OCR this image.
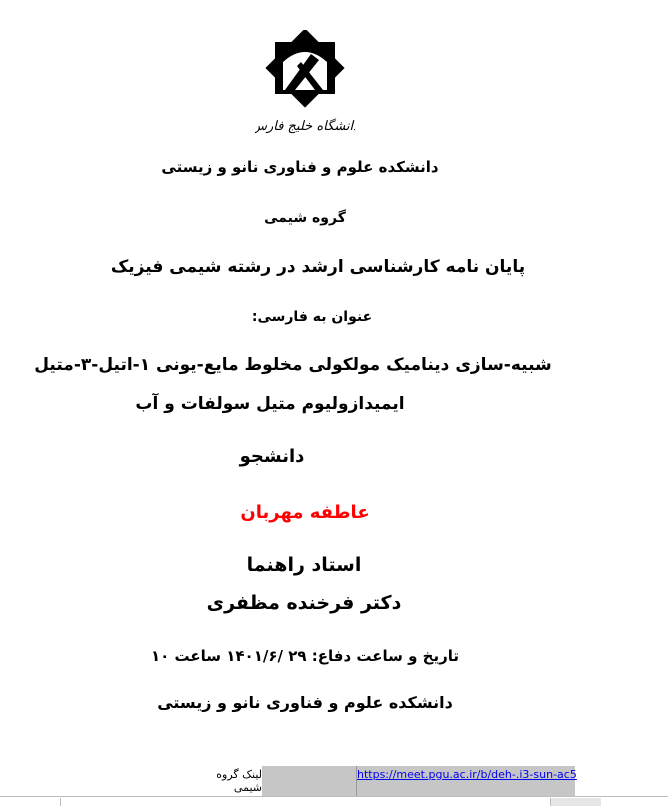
دانشگاه خلیج فارس
دانشکده علوم و فناوری نانو و زیستی
گروه شیمی
پایان نامه کارشناسی ارشد در رشته شیمی فیزیک
عنوان به فارسی:
شبیه-سازی دینامیک مولکولی مخلوط مایع-یونی ۱-اتیل-۳-متیل
ایمیدازولیوم متیل سولفات و آب
دانشجو
عاطفه مهربان
استاد راهنما
دکتر فرخنده مظفری
تاریخ و ساعت دفاع: ۲۹ /۱۴۰۱/۶ ساعت ۱۰
دانشکده علوم و فناوری نانو و زیستی
لینک گروه شیمی
https://meet.pgu.ac.ir/b/deh-.i3-sun-ac5
